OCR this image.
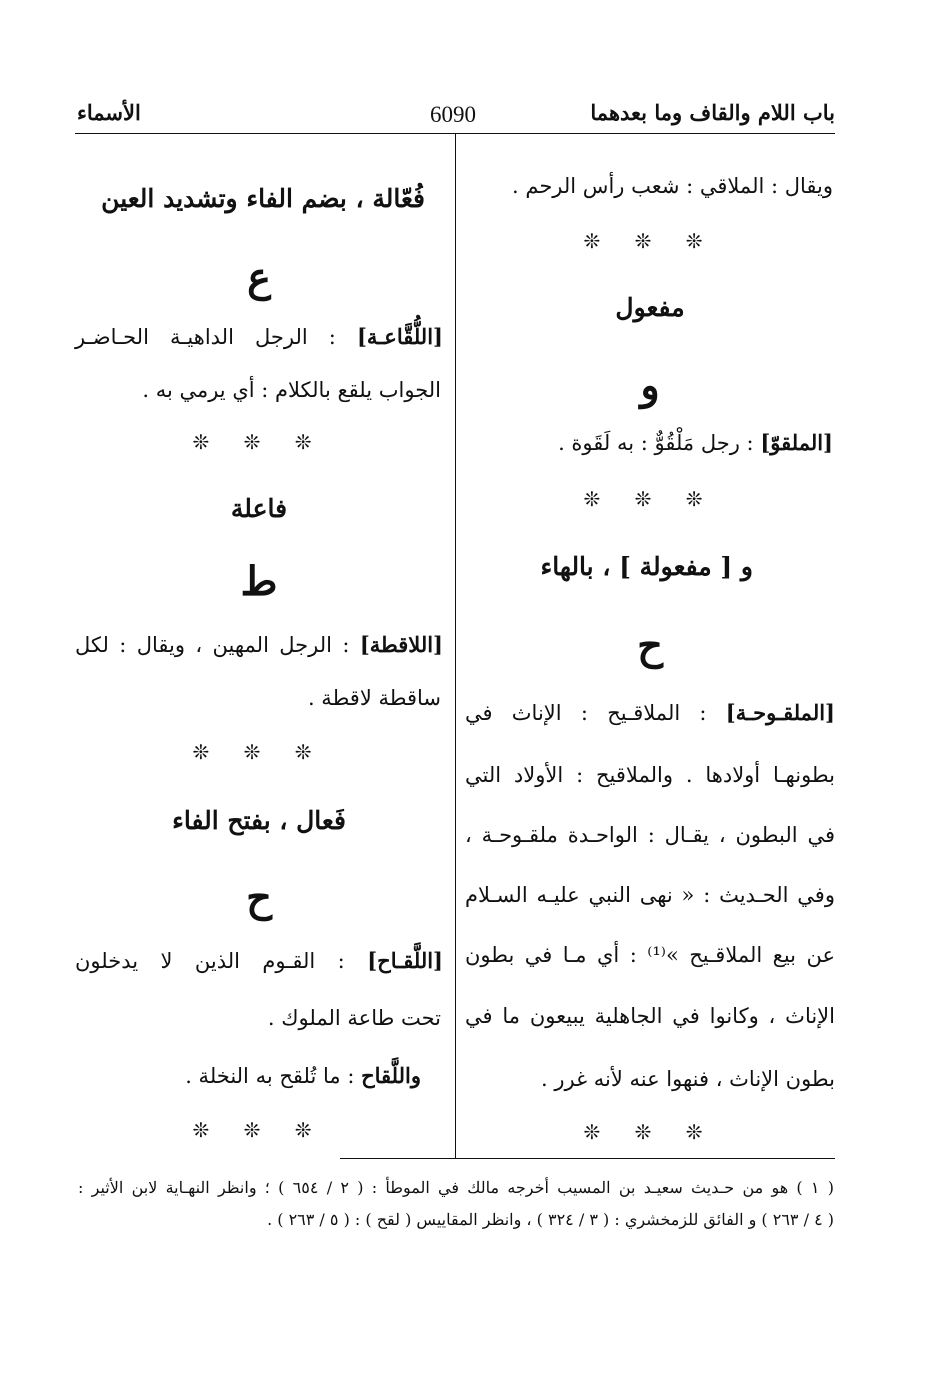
باب اللام والقاف وما بعدهما
6090
الأسماء
ويقال : الملاقي : شعب رأس الرحم .
❊ ❊ ❊
مفعول
و
[الملقوّ] : رجل مَلْقُوٌّ : به لَقَوة .
❊ ❊ ❊
و [ مفعولة ] ، بالهاء
ح
[الملقـوحـة] : الملاقـيح : الإناث في
بطونهـا أولادها . والملاقيح : الأولاد التي
في البطون ، يقـال : الواحـدة ملقـوحـة ،
وفي الحـديث : « نهى النبي عليـه السـلام
عن بيع الملاقـيح »⁽¹⁾ : أي مـا في بطون
الإناث ، وكانوا في الجاهلية يبيعون ما في
بطون الإناث ، فنهوا عنه لأنه غرر .
❊ ❊ ❊
فُعّالة ، بضم الفاء وتشديد العين
ع
[اللُّقَّاعـة] : الرجل الداهيـة الحـاضـر
الجواب يلقع بالكلام : أي يرمي به .
❊ ❊ ❊
فاعلة
ط
[اللاقطة] : الرجل المهين ، ويقال : لكل
ساقطة لاقطة .
❊ ❊ ❊
فَعال ، بفتح الفاء
ح
[اللَّقـاح] : القـوم الذين لا يدخلون
تحت طاعة الملوك .
واللَّقاح : ما تُلقح به النخلة .
❊ ❊ ❊
( ١ ) هو من حـديث سعيـد بن المسيب أخرجه مالك في الموطأ : ( ٢ / ٦٥٤ ) ؛ وانظر النهـاية لابن الأثير :
( ٤ / ٢٦٣ ) و الفائق للزمخشري : ( ٣ / ٣٢٤ ) ، وانظر المقاييس ( لقح ) : ( ٥ / ٢٦٣ ) .
